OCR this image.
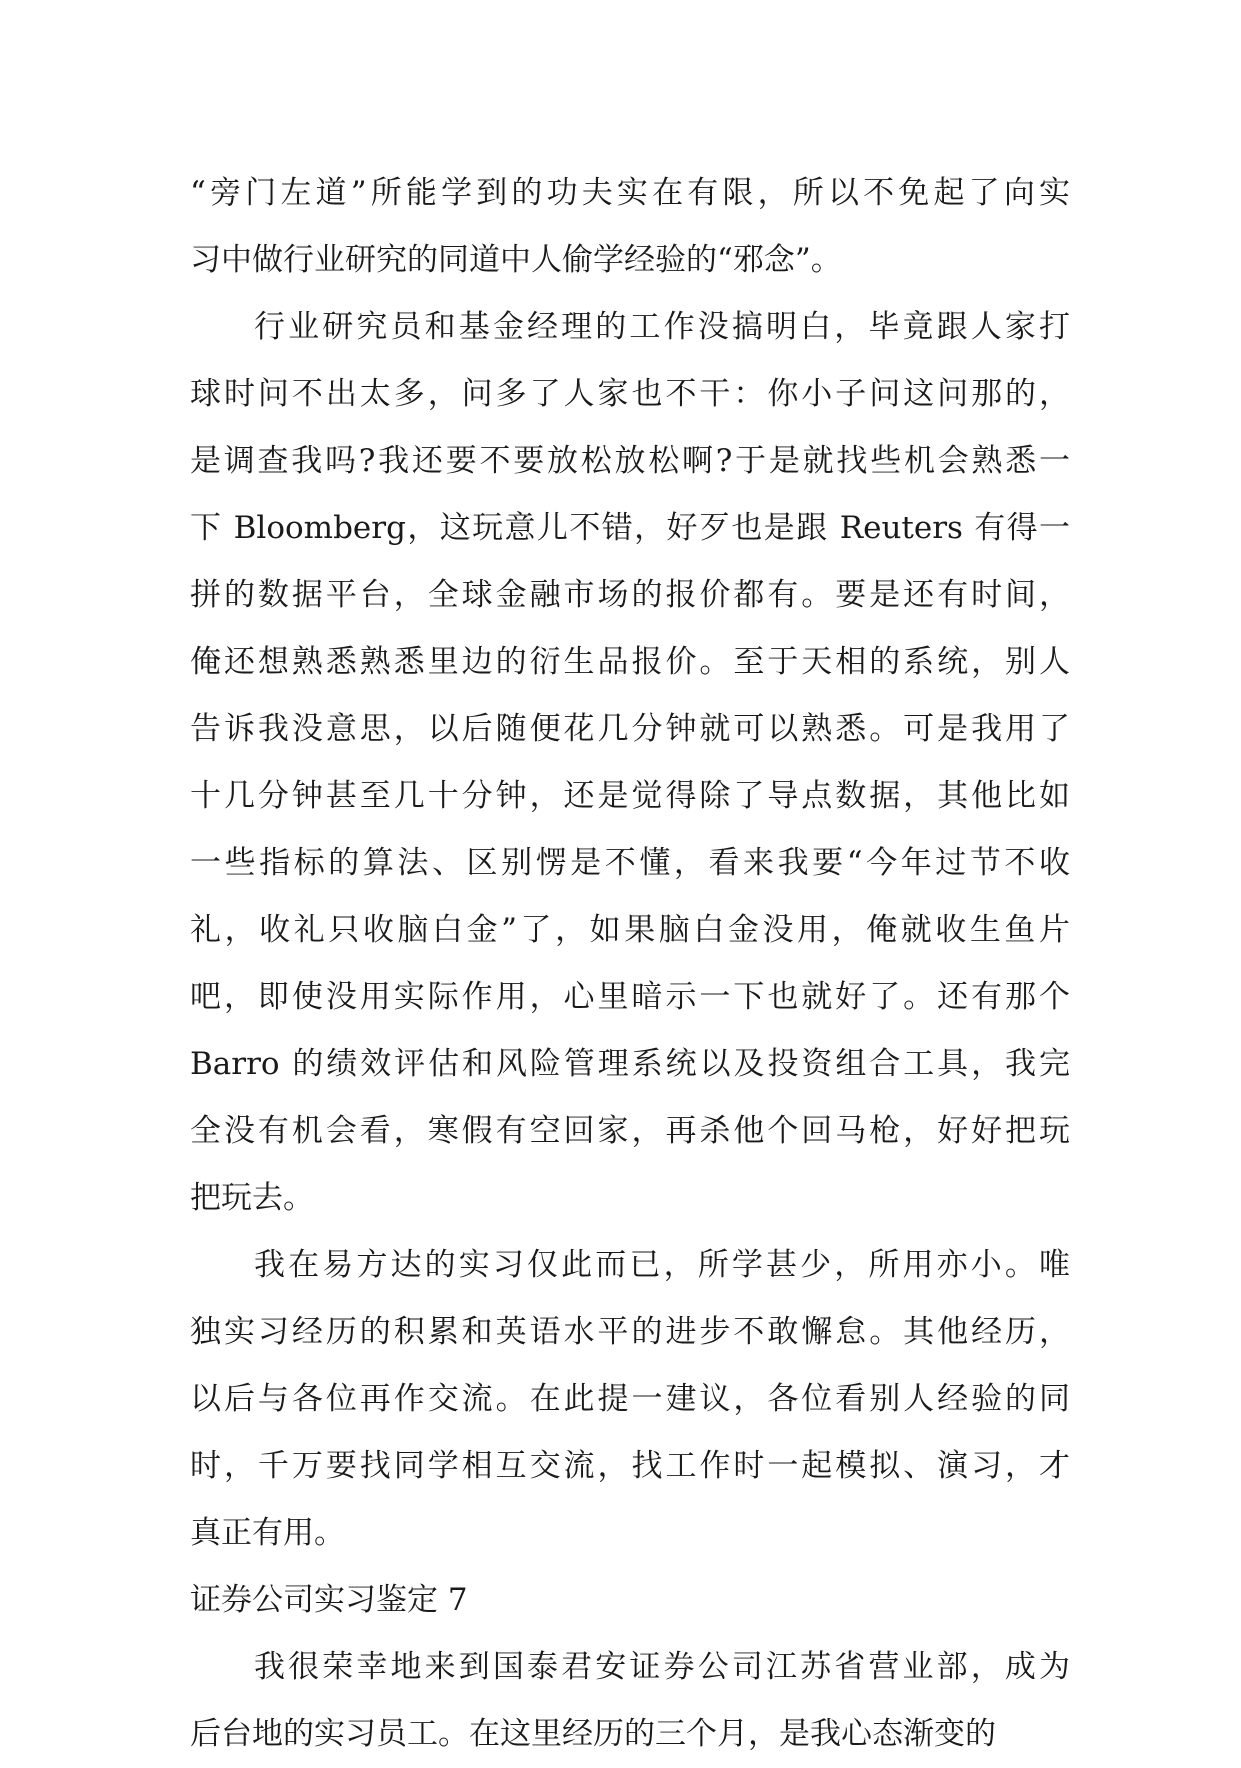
“旁门左道”所能学到的功夫实在有限，所以不免起了向实
习中做行业研究的同道中人偷学经验的“邪念”。
行业研究员和基金经理的工作没搞明白，毕竟跟人家打
球时问不出太多，问多了人家也不干：你小子问这问那的，
是调查我吗?我还要不要放松放松啊?于是就找些机会熟悉一
下 Bloomberg，这玩意儿不错，好歹也是跟 Reuters 有得一
拼的数据平台，全球金融市场的报价都有。要是还有时间，
俺还想熟悉熟悉里边的衍生品报价。至于天相的系统，别人
告诉我没意思，以后随便花几分钟就可以熟悉。可是我用了
十几分钟甚至几十分钟，还是觉得除了导点数据，其他比如
一些指标的算法、区别愣是不懂，看来我要“今年过节不收
礼，收礼只收脑白金”了，如果脑白金没用，俺就收生鱼片
吧，即使没用实际作用，心里暗示一下也就好了。还有那个
Barro 的绩效评估和风险管理系统以及投资组合工具，我完
全没有机会看，寒假有空回家，再杀他个回马枪，好好把玩
把玩去。
我在易方达的实习仅此而已，所学甚少，所用亦小。唯
独实习经历的积累和英语水平的进步不敢懈怠。其他经历，
以后与各位再作交流。在此提一建议，各位看别人经验的同
时，千万要找同学相互交流，找工作时一起模拟、演习，才
真正有用。
证券公司实习鉴定 7
我很荣幸地来到国泰君安证券公司江苏省营业部，成为
后台地的实习员工。在这里经历的三个月，是我心态渐变的
